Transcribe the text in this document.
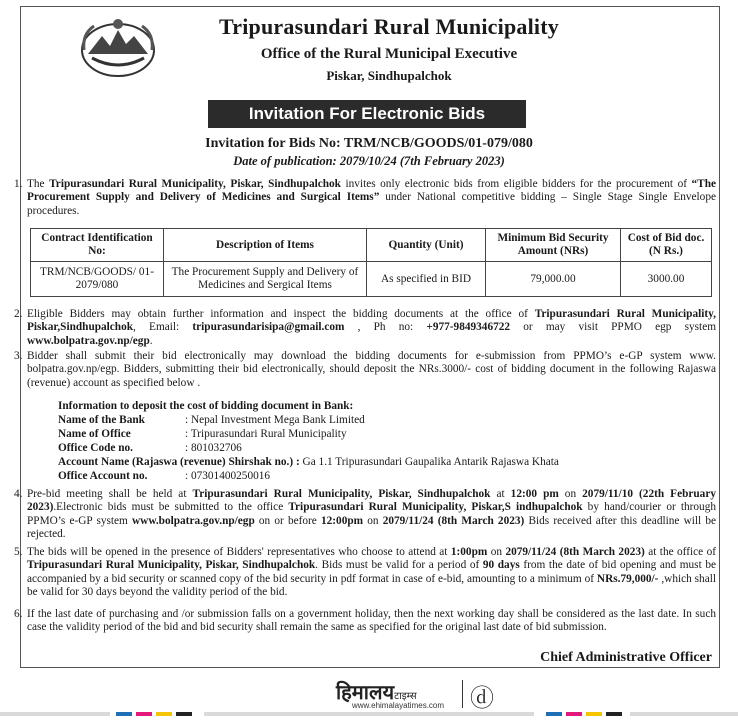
Tripurasundari Rural Municipality
Office of the Rural Municipal Executive
Piskar, Sindhupalchok
Invitation For Electronic Bids
Invitation for Bids No: TRM/NCB/GOODS/01-079/080
Date of publication: 2079/10/24 (7th February 2023)
1. The Tripurasundari Rural Municipality, Piskar, Sindhupalchok invites only electronic bids from eligible bidders for the procurement of “The Procurement Supply and Delivery of Medicines and Surgical Items” under National competitive bidding – Single Stage Single Envelope procedures.
Contract Identification No:	Description of Items	Quantity (Unit)	Minimum Bid Security Amount (NRs)	Cost of Bid doc. (N Rs.)
TRM/NCB/GOODS/ 01-2079/080	The Procurement Supply and Delivery of Medicines and Sergical Items	As specified in BID	79,000.00	3000.00
2. Eligible Bidders may obtain further information and inspect the bidding documents at the office of Tripurasundari Rural Municipality, Piskar,Sindhupalchok, Email: tripurasundarisipa@gmail.com , Ph no: +977-9849346722 or may visit PPMO egp system www.bolpatra.gov.np/egp.
3. Bidder shall submit their bid electronically may download the bidding documents for e-submission from PPMO’s e-GP system www. bolpatra.gov.np/egp. Bidders, submitting their bid electronically, should deposit the NRs.3000/- cost of bidding document in the following Rajaswa (revenue) account as specified below .
Information to deposit the cost of bidding document in Bank:
Name of the Bank	: Nepal Investment Mega Bank Limited
Name of Office	: Tripurasundari Rural Municipality
Office Code no.	: 801032706
Account Name (Rajaswa (revenue) Shirshak no.) : Ga 1.1 Tripurasundari Gaupalika Antarik Rajaswa Khata
Office Account no.	: 07301400250016
4. Pre-bid meeting shall be held at Tripurasundari Rural Municipality, Piskar, Sindhupalchok at 12:00 pm on 2079/11/10 (22th February 2023).Electronic bids must be submitted to the office Tripurasundari Rural Municipality, Piskar,S indhupalchok by hand/courier or through PPMO’s e-GP system www.bolpatra.gov.np/egp on or before 12:00pm on 2079/11/24 (8th March 2023) Bids received after this deadline will be rejected.
5. The bids will be opened in the presence of Bidders' representatives who choose to attend at 1:00pm on 2079/11/24 (8th March 2023) at the office of Tripurasundari Rural Municipality, Piskar, Sindhupalchok. Bids must be valid for a period of 90 days from the date of bid opening and must be accompanied by a bid security or scanned copy of the bid security in pdf format in case of e-bid, amounting to a minimum of NRs.79,000/- ,which shall be valid for 30 days beyond the validity period of the bid.
6. If the last date of purchasing and /or submission falls on a government holiday, then the next working day shall be considered as the last date. In such case the validity period of the bid and bid security shall remain the same as specified for the original last date of bid submission.
Chief Administrative Officer
हिमालयटाइम्स
www.ehimalayatimes.com ⓓ
